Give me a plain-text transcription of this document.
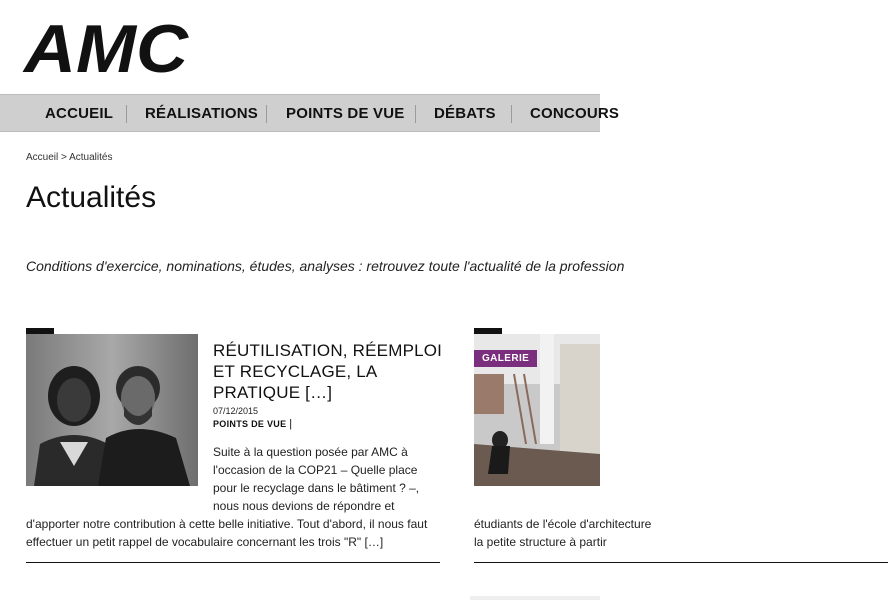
AMC
ACCUEIL RÉALISATIONS POINTS DE VUE DÉBATS CONCOURS
Accueil > Actualités
Actualités
Conditions d'exercice, nominations, études, analyses : retrouvez toute l'actualité de la profession
RÉUTILISATION, RÉEMPLOI ET RECYCLAGE, LA PRATIQUE […]
07/12/2015
POINTS DE VUE |
Suite à la question posée par AMC à l'occasion de la COP21 – Quelle place pour le recyclage dans le bâtiment ? –, nous nous devions de répondre et
d'apporter notre contribution à cette belle initiative. Tout d'abord, il nous faut effectuer un petit rappel de vocabulaire concernant les trois "R" […]
GALERIE
étudiants de l'école d'architecture
la petite structure à partir
